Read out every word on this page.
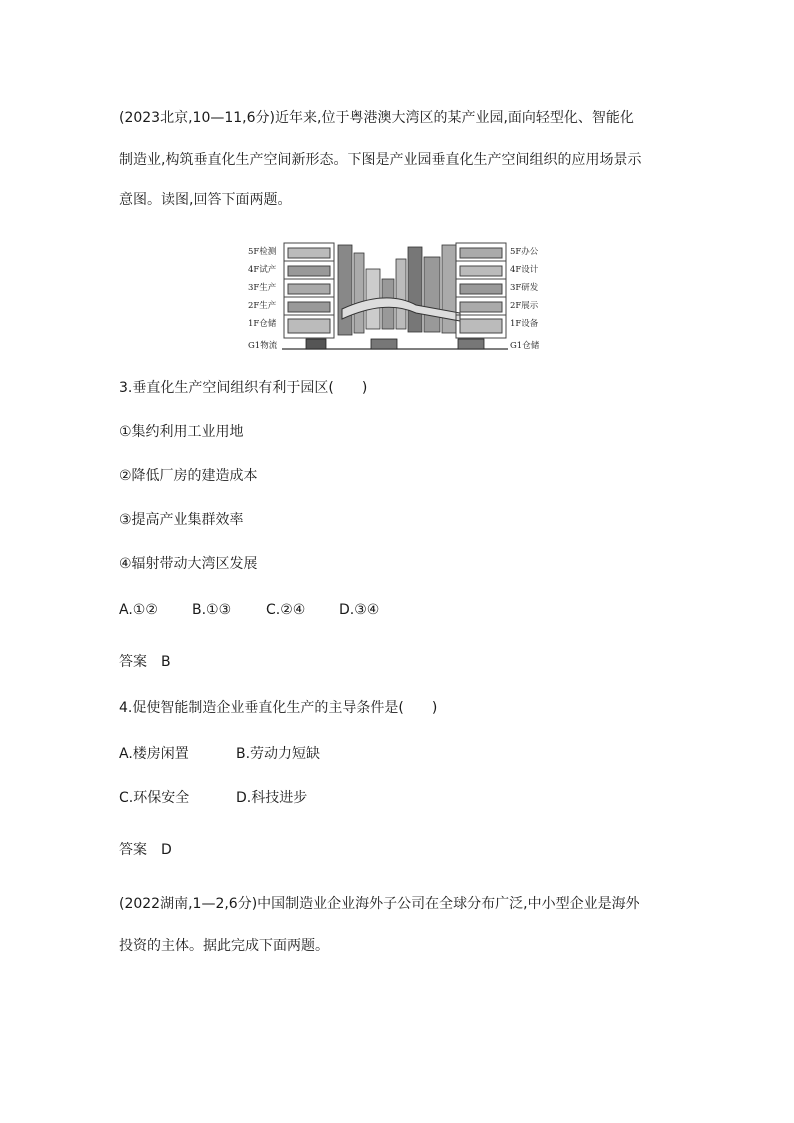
(2023北京,10—11,6分)近年来,位于粤港澳大湾区的某产业园,面向轻型化、智能化
制造业,构筑垂直化生产空间新形态。下图是产业园垂直化生产空间组织的应用场景示
意图。读图,回答下面两题。
5F检测
4F试产
3F生产
2F生产
1F仓储
G1物流
5F办公
4F设计
3F研发
2F展示
1F设备
G1仓储
3.垂直化生产空间组织有利于园区(　　)
①集约利用工业用地
②降低厂房的建造成本
③提高产业集群效率
④辐射带动大湾区发展
A.①② B.①③ C.②④ D.③④
答案　B
4.促使智能制造企业垂直化生产的主导条件是(　　)
A.楼房闲置	B.劳动力短缺
C.环保安全	D.科技进步
答案　D
(2022湖南,1—2,6分)中国制造业企业海外子公司在全球分布广泛,中小型企业是海外
投资的主体。据此完成下面两题。
